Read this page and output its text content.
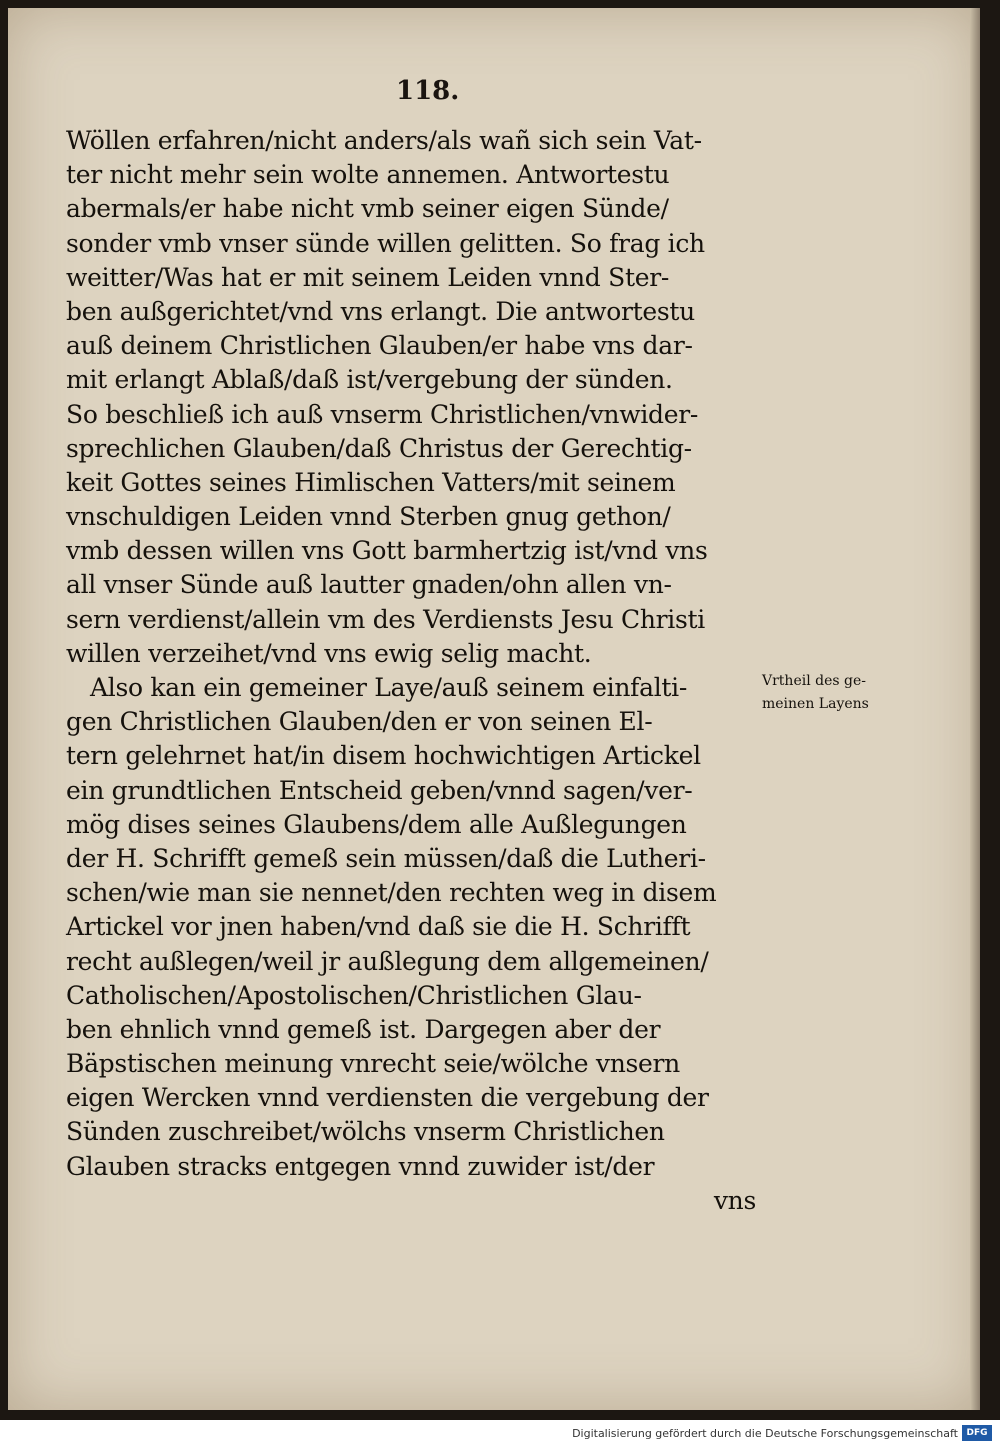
118.
Wöllen erfahren/nicht anders/als wañ sich sein Vat-
ter nicht mehr sein wolte annemen. Antwortestu
abermals/er habe nicht vmb seiner eigen Sünde/
sonder vmb vnser sünde willen gelitten. So frag ich
weitter/Was hat er mit seinem Leiden vnnd Ster-
ben außgerichtet/vnd vns erlangt. Die antwortestu
auß deinem Christlichen Glauben/er habe vns dar-
mit erlangt Ablaß/daß ist/vergebung der sünden.
So beschließ ich auß vnserm Christlichen/vnwider-
sprechlichen Glauben/daß Christus der Gerechtig-
keit Gottes seines Himlischen Vatters/mit seinem
vnschuldigen Leiden vnnd Sterben gnug gethon/
vmb dessen willen vns Gott barmhertzig ist/vnd vns
all vnser Sünde auß lautter gnaden/ohn allen vn-
sern verdienst/allein vm des Verdiensts Jesu Christi
willen verzeihet/vnd vns ewig selig macht.
Also kan ein gemeiner Laye/auß seinem einfalti-
gen Christlichen Glauben/den er von seinen El-
tern gelehrnet hat/in disem hochwichtigen Artickel
ein grundtlichen Entscheid geben/vnnd sagen/ver-
mög dises seines Glaubens/dem alle Außlegungen
der H. Schrifft gemeß sein müssen/daß die Lutheri-
schen/wie man sie nennet/den rechten weg in disem
Artickel vor jnen haben/vnd daß sie die H. Schrifft
recht außlegen/weil jr außlegung dem allgemeinen/
Catholischen/Apostolischen/Christlichen Glau-
ben ehnlich vnnd gemeß ist. Dargegen aber der
Bäpstischen meinung vnrecht seie/wölche vnsern
eigen Wercken vnnd verdiensten die vergebung der
Sünden zuschreibet/wölchs vnserm Christlichen
Glauben stracks entgegen vnnd zuwider ist/der
vns
Vrtheil des ge-
meinen Layens
Digitalisierung gefördert durch die Deutsche Forschungsgemeinschaft DFG
